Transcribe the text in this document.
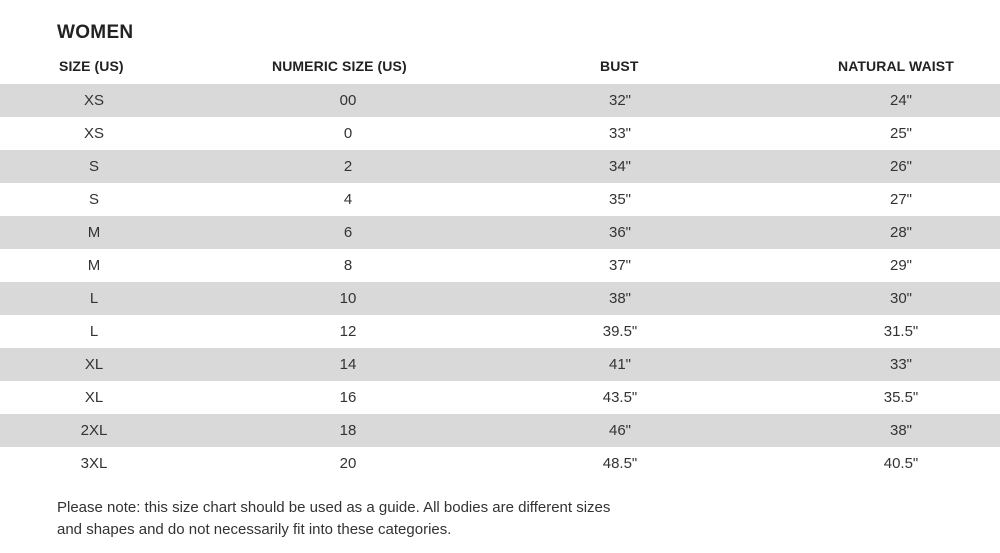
WOMEN
SIZE (US)	NUMERIC SIZE (US)	BUST	NATURAL WAIST
XS	00	32"	24"
XS	0	33"	25"
S	2	34"	26"
S	4	35"	27"
M	6	36"	28"
M	8	37"	29"
L	10	38"	30"
L	12	39.5"	31.5"
XL	14	41"	33"
XL	16	43.5"	35.5"
2XL	18	46"	38"
3XL	20	48.5"	40.5"
Please note: this size chart should be used as a guide. All bodies are different sizes
and shapes and do not necessarily fit into these categories.
